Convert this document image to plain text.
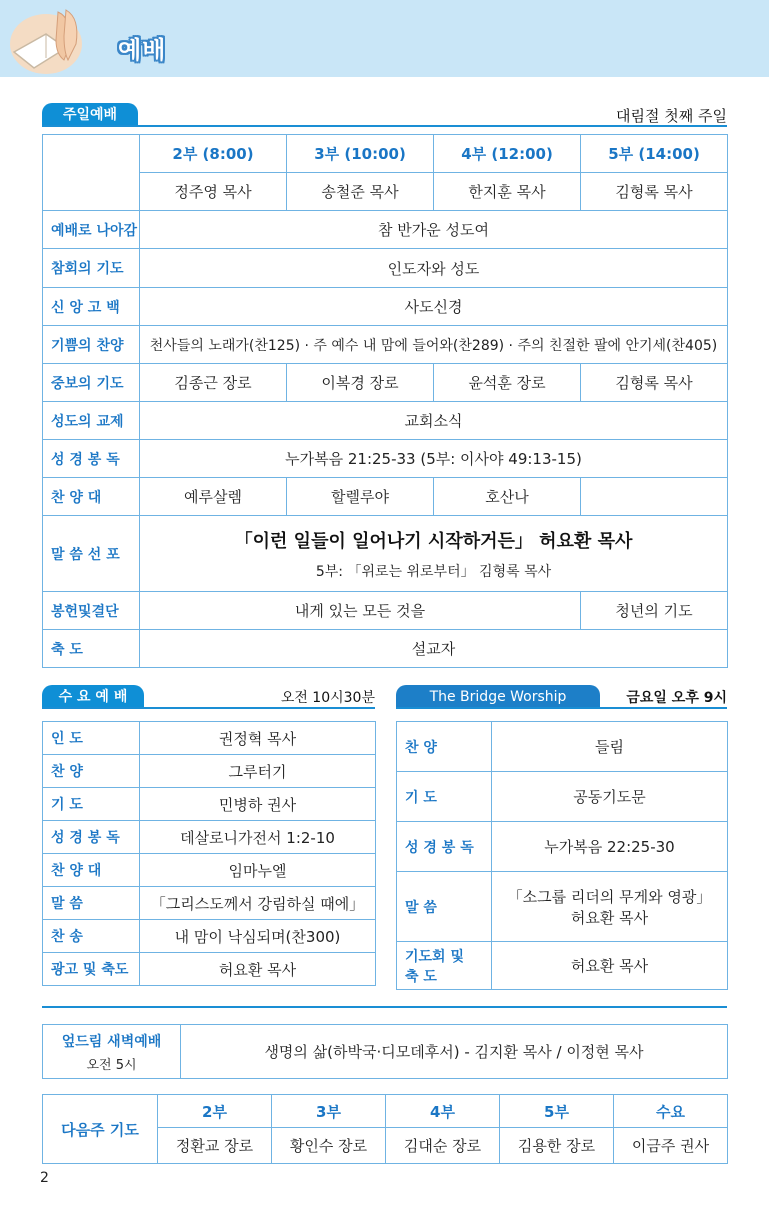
예배
주일예배	대림절 첫째 주일
	2부 (8:00)	3부 (10:00)	4부 (12:00)	5부 (14:00)
	정주영 목사	송철준 목사	한지훈 목사	김형록 목사
예배로 나아감	참 반가운 성도여			
참회의 기도	인도자와 성도			
신 앙 고 백	사도신경			
기쁨의 찬양	천사들의 노래가(찬125) · 주 예수 내 맘에 들어와(찬289) · 주의 친절한 팔에 안기세(찬405)			
중보의 기도	김종근 장로	이복경 장로	윤석훈 장로	김형록 목사
성도의 교제	교회소식			
성 경 봉 독	누가복음 21:25-33 (5부: 이사야 49:13-15)			
찬 양 대	예루살렘	할렐루야	호산나	
말 씀 선 포	「이런 일들이 일어나기 시작하거든」 허요환 목사
5부: 「위로는 위로부터」 김형록 목사			

봉헌및결단	내게 있는 모든 것을			청년의 기도
축 도	설교자			
수 요 예 배	오전 10시30분
인 도	권정혁 목사
찬 양	그루터기
기 도	민병하 권사
성 경 봉 독	데살로니가전서 1:2-10
찬 양 대	임마누엘
말 씀	「그리스도께서 강림하실 때에」
찬 송	내 맘이 낙심되며(찬300)
광고 및 축도	허요환 목사
The Bridge Worship	금요일 오후 9시
찬 양	들림
기 도	공동기도문
성 경 봉 독	누가복음 22:25-30
말 씀	「소그룹 리더의 무게와 영광」
허요환 목사

기도회 및
축 도	허요환 목사
엎드림 새벽예배
오전 5시
	생명의 삶(하박국·디모데후서) - 김지환 목사 / 이정현 목사
다음주 기도	2부	3부	4부	5부	수요
	정환교 장로	황인수 장로	김대순 장로	김용한 장로	이금주 권사
2
